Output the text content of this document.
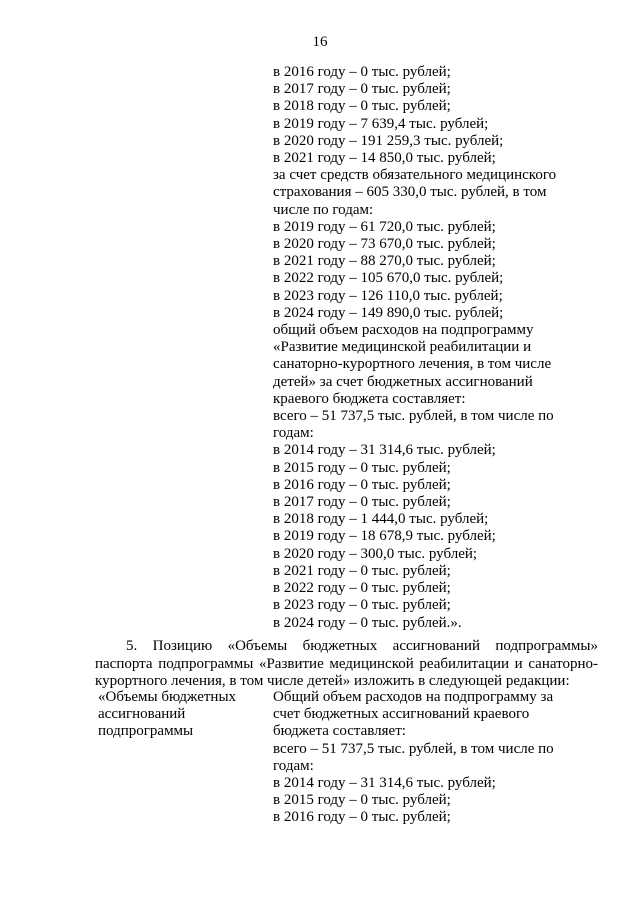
16
в 2016 году – 0 тыс. рублей;
в 2017 году – 0 тыс. рублей;
в 2018 году – 0 тыс. рублей;
в 2019 году – 7 639,4 тыс. рублей;
в 2020 году – 191 259,3 тыс. рублей;
в 2021 году – 14 850,0 тыс. рублей;
за счет средств обязательного медицинского
страхования – 605 330,0 тыс. рублей, в том
числе по годам:
в 2019 году – 61 720,0 тыс. рублей;
в 2020 году – 73 670,0 тыс. рублей;
в 2021 году – 88 270,0 тыс. рублей;
в 2022 году – 105 670,0 тыс. рублей;
в 2023 году – 126 110,0 тыс. рублей;
в 2024 году – 149 890,0 тыс. рублей;
общий объем расходов на подпрограмму
«Развитие медицинской реабилитации и
санаторно-курортного лечения, в том числе
детей» за счет бюджетных ассигнований
краевого бюджета составляет:
всего – 51 737,5 тыс. рублей, в том числе по
годам:
в 2014 году – 31 314,6 тыс. рублей;
в 2015 году – 0 тыс. рублей;
в 2016 году – 0 тыс. рублей;
в 2017 году – 0 тыс. рублей;
в 2018 году – 1 444,0 тыс. рублей;
в 2019 году – 18 678,9 тыс. рублей;
в 2020 году – 300,0 тыс. рублей;
в 2021 году – 0 тыс. рублей;
в 2022 году – 0 тыс. рублей;
в 2023 году – 0 тыс. рублей;
в 2024 году – 0 тыс. рублей.».
5. Позицию «Объемы бюджетных ассигнований подпрограммы»
паспорта подпрограммы «Развитие медицинской реабилитации и санаторно-
курортного лечения, в том числе детей» изложить в следующей редакции:
«Объемы бюджетных
ассигнований
подпрограммы
Общий объем расходов на подпрограмму за
счет бюджетных ассигнований краевого
бюджета составляет:
всего – 51 737,5 тыс. рублей, в том числе по
годам:
в 2014 году – 31 314,6 тыс. рублей;
в 2015 году – 0 тыс. рублей;
в 2016 году – 0 тыс. рублей;
